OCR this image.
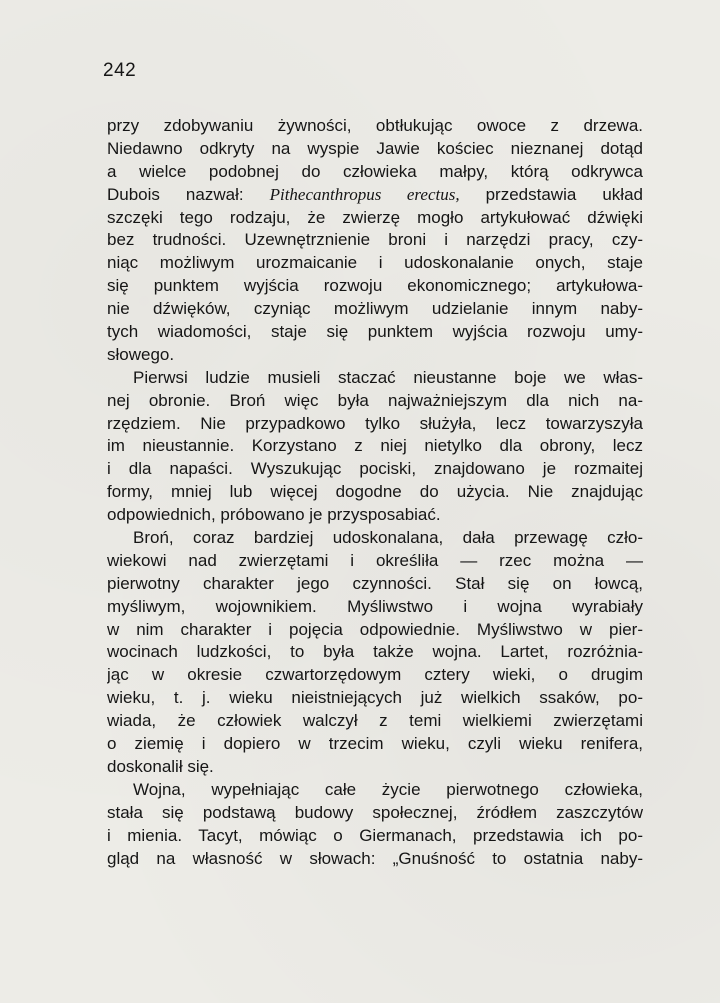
242
przy zdobywaniu żywności, obtłukując owoce z drzewa.
Niedawno odkryty na wyspie Jawie kościec nieznanej dotąd
a wielce podobnej do człowieka małpy, którą odkrywca
Dubois nazwał: Pithecanthropus erectus, przedstawia układ
szczęki tego rodzaju, że zwierzę mogło artykułować dźwięki
bez trudności. Uzewnętrznienie broni i narzędzi pracy, czy-
niąc możliwym urozmaicanie i udoskonalanie onych, staje
się punktem wyjścia rozwoju ekonomicznego; artykułowa-
nie dźwięków, czyniąc możliwym udzielanie innym naby-
tych wiadomości, staje się punktem wyjścia rozwoju umy-
słowego.
Pierwsi ludzie musieli staczać nieustanne boje we włas-
nej obronie. Broń więc była najważniejszym dla nich na-
rzędziem. Nie przypadkowo tylko służyła, lecz towarzyszyła
im nieustannie. Korzystano z niej nietylko dla obrony, lecz
i dla napaści. Wyszukując pociski, znajdowano je rozmaitej
formy, mniej lub więcej dogodne do użycia. Nie znajdując
odpowiednich, próbowano je przysposabiać.
Broń, coraz bardziej udoskonalana, dała przewagę czło-
wiekowi nad zwierzętami i określiła — rzec można —
pierwotny charakter jego czynności. Stał się on łowcą,
myśliwym, wojownikiem. Myśliwstwo i wojna wyrabiały
w nim charakter i pojęcia odpowiednie. Myśliwstwo w pier-
wocinach ludzkości, to była także wojna. Lartet, rozróżnia-
jąc w okresie czwartorzędowym cztery wieki, o drugim
wieku, t. j. wieku nieistniejących już wielkich ssaków, po-
wiada, że człowiek walczył z temi wielkiemi zwierzętami
o ziemię i dopiero w trzecim wieku, czyli wieku renifera,
doskonalił się.
Wojna, wypełniając całe życie pierwotnego człowieka,
stała się podstawą budowy społecznej, źródłem zaszczytów
i mienia. Tacyt, mówiąc o Giermanach, przedstawia ich po-
gląd na własność w słowach: „Gnuśność to ostatnia naby-
